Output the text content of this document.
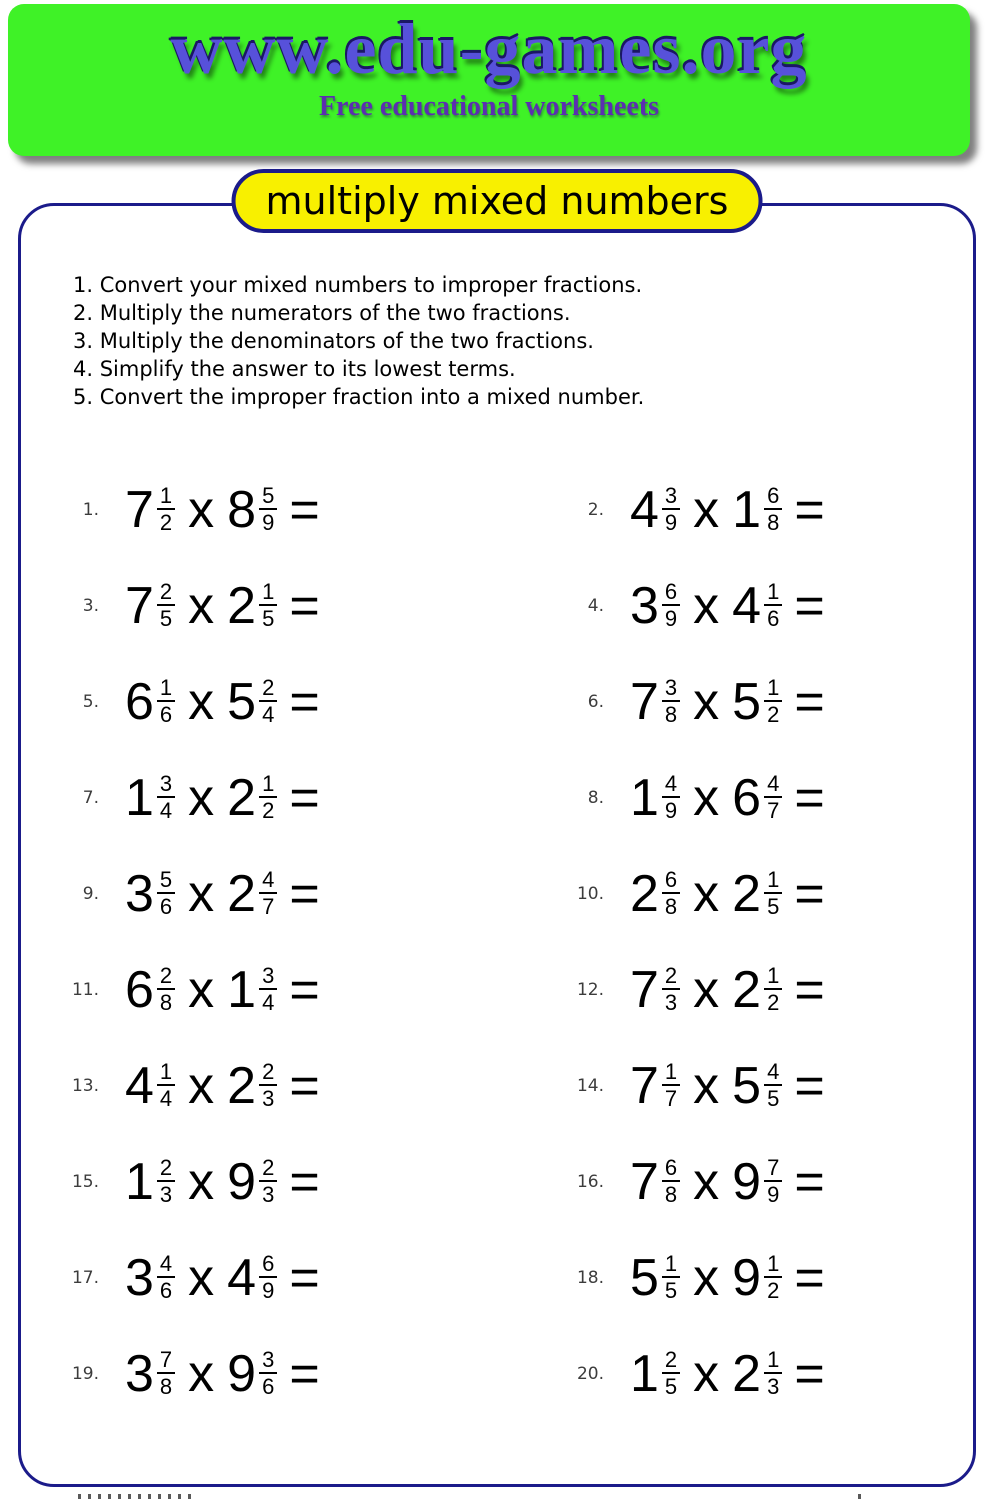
www.edu-games.org
Free educational worksheets
multiply mixed numbers
1. Convert your mixed numbers to improper fractions.
2. Multiply the numerators of the two fractions.
3. Multiply the denominators of the two fractions.
4. Simplify the answer to its lowest terms.
5. Convert the improper fraction into a mixed number.
1. $7 \frac{1}{2}$ x $8 \frac{5}{9}$ =	2. $4 \frac{3}{9}$ x $1 \frac{6}{8}$ =
3. $7 \frac{2}{5}$ x $2 \frac{1}{5}$ =	4. $3 \frac{6}{9}$ x $4 \frac{1}{6}$ =
5. $6 \frac{1}{6}$ x $5 \frac{2}{4}$ =	6. $7 \frac{3}{8}$ x $5 \frac{1}{2}$ =
7. $1 \frac{3}{4}$ x $2 \frac{1}{2}$ =	8. $1 \frac{4}{9}$ x $6 \frac{4}{7}$ =
9. $3 \frac{5}{6}$ x $2 \frac{4}{7}$ =	10. $2 \frac{6}{8}$ x $2 \frac{1}{5}$ =
11. $6 \frac{2}{8}$ x $1 \frac{3}{4}$ =	12. $7 \frac{2}{3}$ x $2 \frac{1}{2}$ =
13. $4 \frac{1}{4}$ x $2 \frac{2}{3}$ =	14. $7 \frac{1}{7}$ x $5 \frac{4}{5}$ =
15. $1 \frac{2}{3}$ x $9 \frac{2}{3}$ =	16. $7 \frac{6}{8}$ x $9 \frac{7}{9}$ =
17. $3 \frac{4}{6}$ x $4 \frac{6}{9}$ =	18. $5 \frac{1}{5}$ x $9 \frac{1}{2}$ =
19. $3 \frac{7}{8}$ x $9 \frac{3}{6}$ =	20. $1 \frac{2}{5}$ x $2 \frac{1}{3}$ =
